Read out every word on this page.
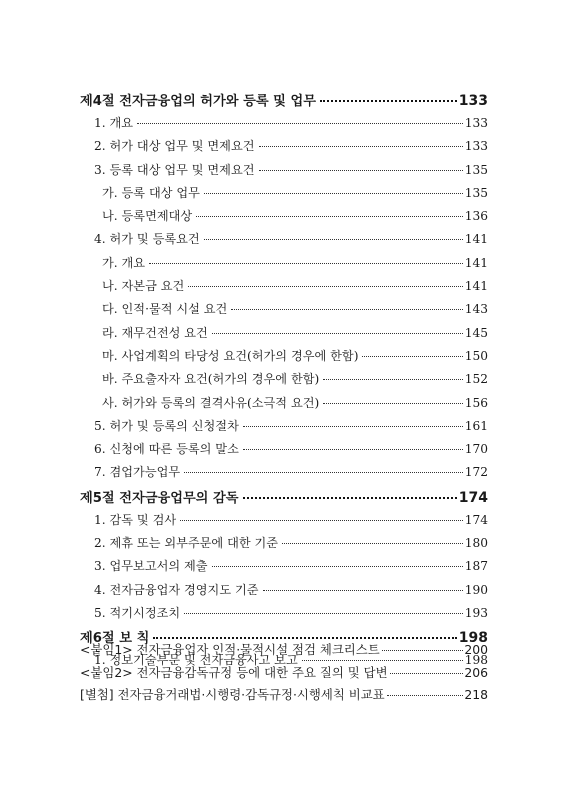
제4절 전자금융업의 허가와 등록 및 업무	133
1. 개요	133
2. 허가 대상 업무 및 면제요건	133
3. 등록 대상 업무 및 면제요건	135
가. 등록 대상 업무	135
나. 등록면제대상	136
4. 허가 및 등록요건	141
가. 개요	141
나. 자본금 요건	141
다. 인적·물적 시설 요건	143
라. 재무건전성 요건	145
마. 사업계획의 타당성 요건(허가의 경우에 한함)	150
바. 주요출자자 요건(허가의 경우에 한함)	152
사. 허가와 등록의 결격사유(소극적 요건)	156
5. 허가 및 등록의 신청절차	161
6. 신청에 따른 등록의 말소	170
7. 겸업가능업무	172
제5절 전자금융업무의 감독	174
1. 감독 및 검사	174
2. 제휴 또는 외부주문에 대한 기준	180
3. 업무보고서의 제출	187
4. 전자금융업자 경영지도 기준	190
5. 적기시정조치	193
제6절 보 칙	198
1. 정보기술부문 및 전자금융사고 보고	198
<붙임1> 전자금융업자 인적·물적시설 점검 체크리스트	200
<붙임2> 전자금융감독규정 등에 대한 주요 질의 및 답변	206
[별첨] 전자금융거래법·시행령·감독규정·시행세칙 비교표	218
